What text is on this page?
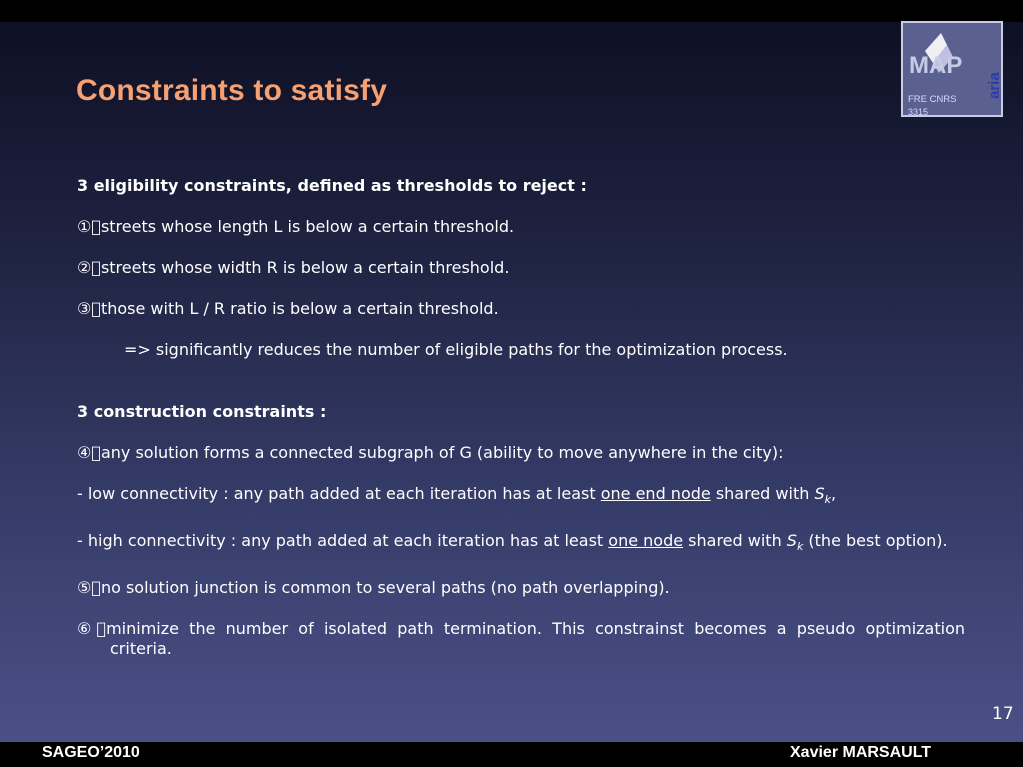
Constraints to satisfy
MAP
aria
FRE CNRS
3315

3 eligibility constraints, defined as thresholds to reject :

① streets whose length L is below a certain threshold.

② streets whose width R is below a certain threshold.

③ those with L / R ratio is below a certain threshold.

=> significantly reduces the number of eligible paths for the optimization process.

3 construction constraints :

④ any solution forms a connected subgraph of G (ability to move anywhere in the city):

- low connectivity : any path added at each iteration has at least one end node shared with $S_k$,

- high connectivity : any path added at each iteration has at least one node shared with $S_k$ (the best option).

⑤ no solution junction is common to several paths (no path overlapping).

⑥ minimize the number of isolated path termination. This constrainst becomes a pseudo optimization criteria.

17
SAGEO’2010	Xavier MARSAULT
